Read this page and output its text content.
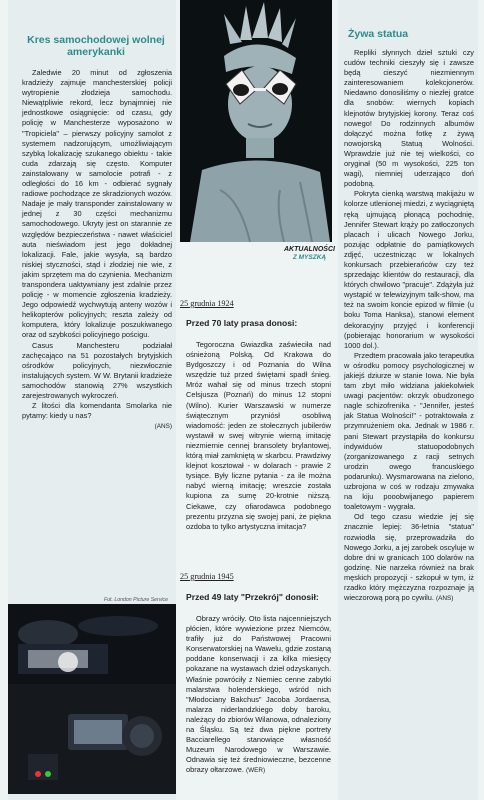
Kres samochodowej wolnej amerykanki

Zaledwie 20 minut od zgłoszenia kradzieży zajmuje manchesterskiej policji wytropienie złodzieja samochodu. Niewątpliwie rekord, lecz bynajmniej nie jednostkowe osiągnięcie: od czasu, gdy policję w Manchesterze wyposażono w "Tropiciela" – pierwszy policyjny samolot z systemem nadzorującym, umożliwiającym szybką lokalizację szukanego obiektu - takie cuda zdarzają się często. Komputer zainstalowany w samolocie potrafi - z odległości do 16 km - odbierać sygnały radiowe pochodzące ze skradzionych wozów. Nadaje je mały transponder zainstalowany w jednej z 30 części mechanizmu samochodowego. Ukryty jest on starannie ze względów bezpieczeństwa - nawet właściciel auta nieświadom jest jego dokładnej lokalizacji. Fale, jakie wysyła, są bardzo niskiej styczności, stąd i złodziej nie wie, z jakim sprzętem ma do czynienia. Mechanizm transpondera uaktywniany jest zdalnie przez policję - w momencie zgłoszenia kradzieży. Jego odpowiedź wychwytują anteny wozów i helikopterów policyjnych; reszta zależy od komputera, który lokalizuje poszukiwanego oraz od szybkości policyjnego pościgu.

Casus Manchesteru podziałał zachęcająco na 51 pozostałych brytyjskich ośrodków policyjnych, niezwłocznie instalujących system. W W. Brytanii kradzieże samochodów stanowią 27% wszystkich zarejestrowanych wykroczeń.

Z litości dla komendanta Smolarka nie pytamy: kiedy u nas?

(ANS)

Fot. London Picture Service
AKTUALNOŚCI
Z MYSZKĄ
25 grudnia 1924
Przed 70 laty prasa donosi:

Tegoroczna Gwiazdka zaświeciła nad ośnieżoną Polską. Od Krakowa do Bydgoszczy i od Poznania do Wilna wszędzie tuż przed świętami spadł śnieg. Mróz wahał się od minus trzech stopni Celsjusza (Poznań) do minus 12 stopni (Wilno). Kurier Warszawski w numerze świątecznym przyniósł osobliwą wiadomość: jeden ze stołecznych jubilerów wystawił w swej witrynie wierną imitację niezmiernie cennej bransolety brylantowej, którą miał zamkniętą w skarbcu. Prawdziwy klejnot kosztował - w dolarach - prawie 2 tysiące. Były liczne pytania - za ile można nabyć wierną imitację; wreszcie została kupiona za sumę 20-krotnie niższą. Ciekawe, czy ofiarodawca podobnego prezentu przyzna się swojej pani, że piękna ozdoba to tylko artystyczna imitacja?

25 grudnia 1945
Przed 49 laty "Przekrój" donosił:

Obrazy wróciły. Oto lista najcenniejszych płócien, które wywiezione przez Niemców, trafiły już do Państwowej Pracowni Konserwatorskiej na Wawelu, gdzie zostaną poddane konserwacji i za kilka miesięcy pokazane na wystawach dzieł odzyskanych. Właśnie powróciły z Niemiec cenne zabytki malarstwa holenderskiego, wśród nich "Młodociany Bakchus" Jacoba Jordaensa, malarza niderlandzkiego doby baroku, należący do zbiorów Wilanowa, odnaleziony na Śląsku. Są też dwa piękne portrety Bacciarellego stanowiące własność Muzeum Narodowego w Warszawie. Odnawia się też średniowieczne, bezcenne obrazy ołtarzowe. (WER)

Żywa statua

Repliki słynnych dzieł sztuki czy cudów techniki cieszyły się i zawsze będą cieszyć niezmiennym zainteresowaniem kolekcjonerów. Niedawno donosiliśmy o niezłej gratce dla snobów: wiernych kopiach klejnotów brytyjskiej korony. Teraz coś nowego! Do rodzinnych albumów dołączyć można fotkę z żywą nowojorską Statuą Wolności. Wprawdzie już nie tej wielkości, co oryginał (50 m wysokości, 225 ton wagi), niemniej uderzająco doń podobną.

Pokryta cienką warstwą makijażu w kolorze utlenionej miedzi, z wyciągniętą ręką ujmującą płonącą pochodnię, Jennifer Stewart krąży po zatłoczonych placach i ulicach Nowego Jorku, pozując odpłatnie do pamiątkowych zdjęć, uczestnicząc w lokalnych konkursach przebierańców czy też sprzedając klientów do restauracji, dla których chwilowo "pracuje". Zdążyła już wystąpić w telewizyjnym talk-show, ma też na swoim koncie epizod w filmie (u boku Toma Hanksa), stanowi element dekoracyjny przyjęć i konferencji (pobierając honorarium w wysokości 1000 dol.).

Przedtem pracowała jako terapeutka w ośrodku pomocy psychologicznej w jakiejś dziurze w stanie Iowa. Nie była tam zbyt miło widziana jakiekolwiek uwagi pacjentów: okrzyk obudzonego nagle schizofrenika - "Jennifer, jesteś jak Statua Wolności!" - potraktowała z przymrużeniem oka. Jednak w 1986 r. pani Stewart przystąpiła do konkursu indywiduów statuopodobnych (zorganizowanego z racji setnych urodzin owego francuskiego podarunku). Wysmarowana na zielono, uzbrojona w coś w rodzaju zmywaka na kiju pooobwijanego papierem toaletowym - wygrała.

Od tego czasu wiedzie jej się znacznie lepiej: 36-letnia "statua" rozwiodła się, przeprowadziła do Nowego Jorku, a jej zarobek oscyluje w dobre dni w granicach 100 dolarów na godzinę. Nie narzeka również na brak męskich propozycji - szkopuł w tym, iż rzadko który mężczyzna rozpoznaje ją wieczorową porą po cywilu. (ANS)
